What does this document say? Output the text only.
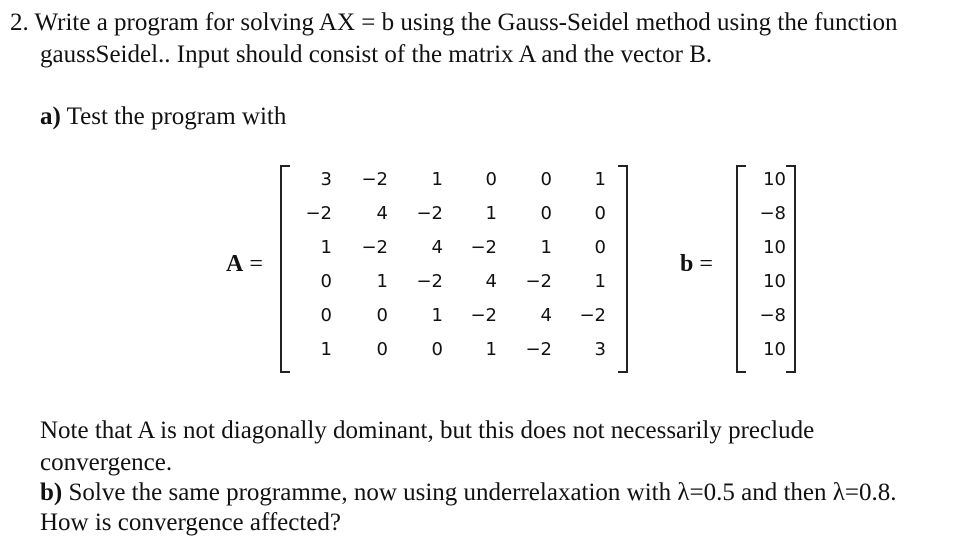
2. Write a program for solving AX = b using the Gauss-Seidel method using the function
gaussSeidel.. Input should consist of the matrix A and the vector B.
a) Test the program with
A =
3	−2	1	0	0	1
−2	4	−2	1	0	0
1	−2	4	−2	1	0
0	1	−2	4	−2	1
0	0	1	−2	4	−2
1	0	0	1	−2	3
b =
10
−8
10
10
−8
10
Note that A is not diagonally dominant, but this does not necessarily preclude
convergence.
b) Solve the same programme, now using underrelaxation with λ=0.5 and then λ=0.8.
How is convergence affected?
